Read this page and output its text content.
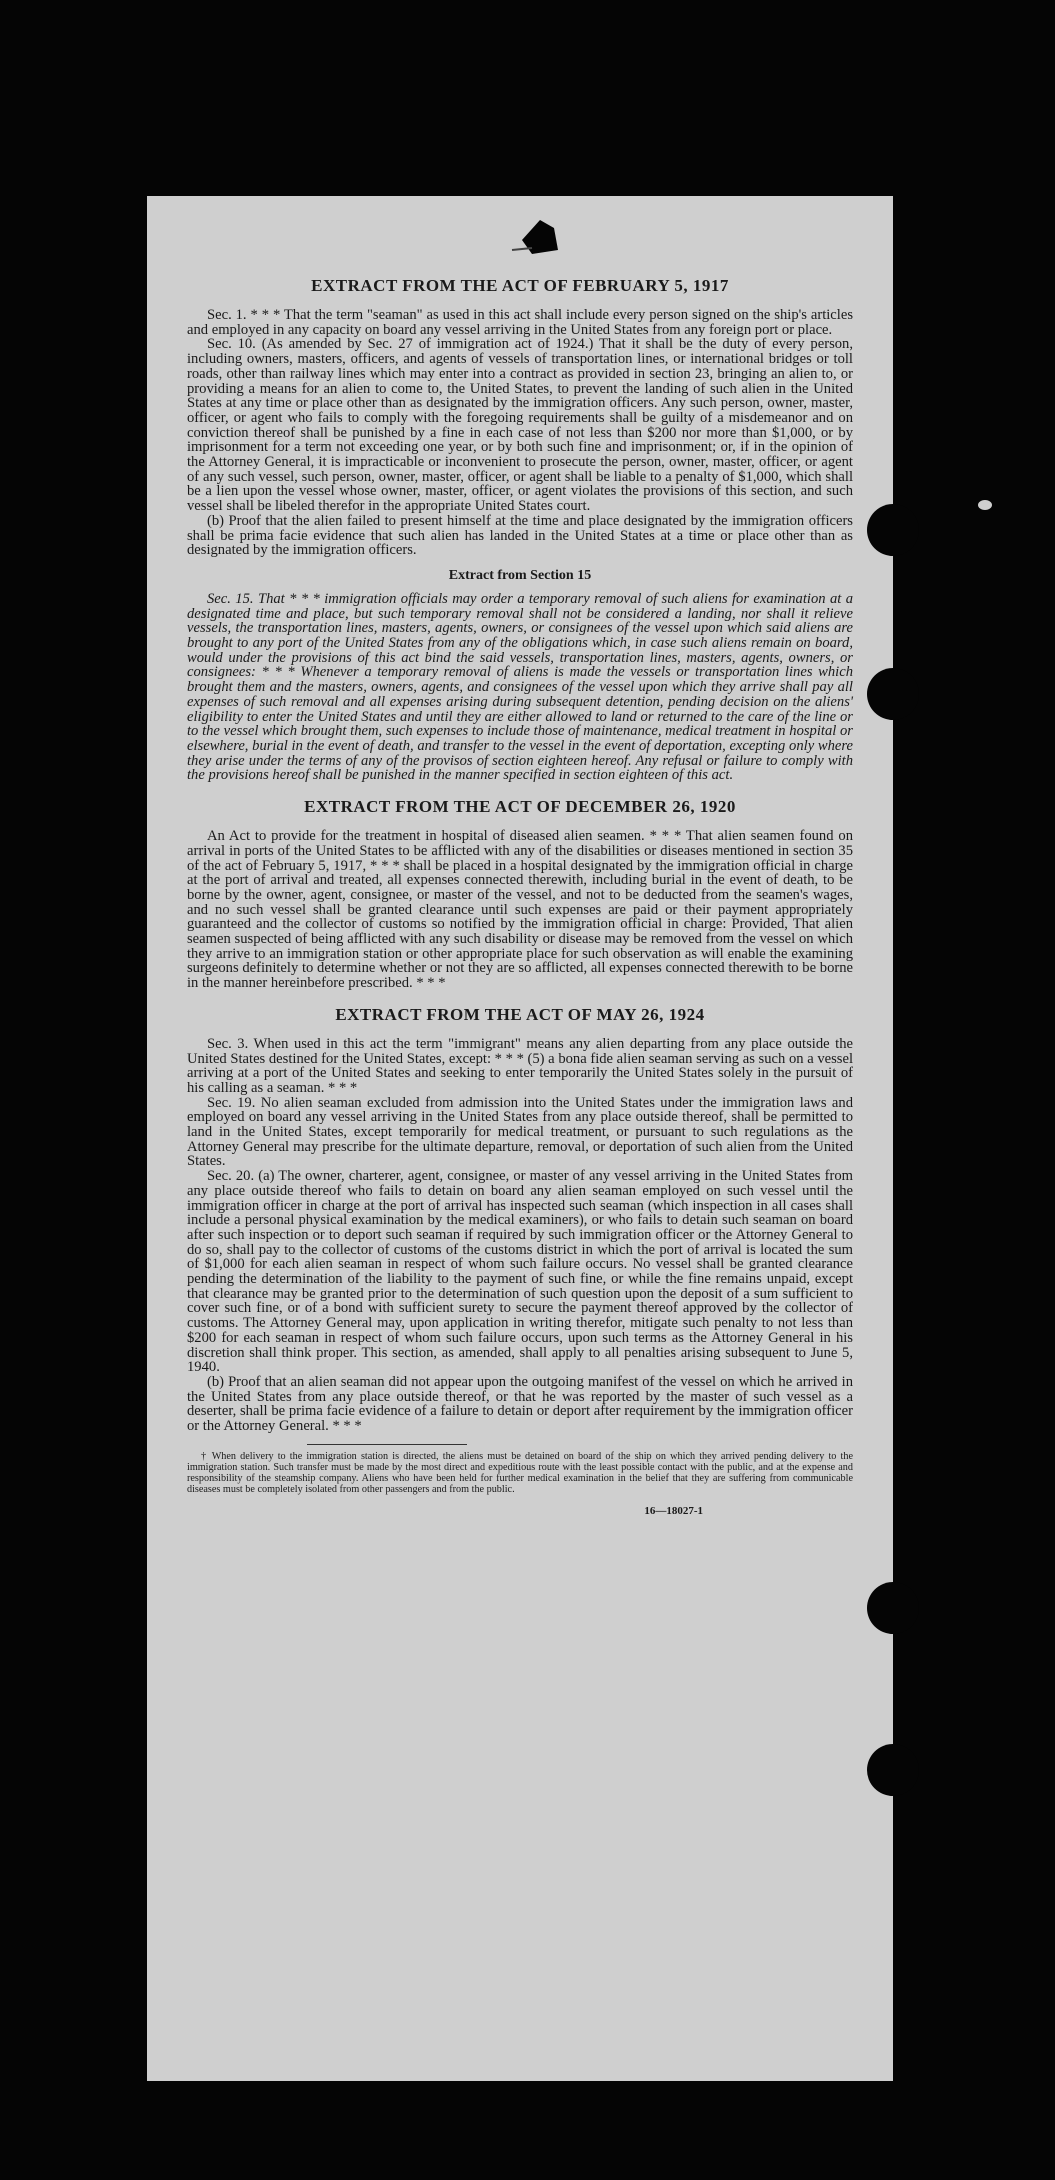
EXTRACT FROM THE ACT OF FEBRUARY 5, 1917

Sec. 1. * * * That the term "seaman" as used in this act shall include every person signed on the ship's articles and employed in any capacity on board any vessel arriving in the United States from any foreign port or place.

Sec. 10. (As amended by Sec. 27 of immigration act of 1924.) That it shall be the duty of every person, including owners, masters, officers, and agents of vessels of transportation lines, or international bridges or toll roads, other than railway lines which may enter into a contract as provided in section 23, bringing an alien to, or providing a means for an alien to come to, the United States, to prevent the landing of such alien in the United States at any time or place other than as designated by the immigration officers. Any such person, owner, master, officer, or agent who fails to comply with the foregoing requirements shall be guilty of a misdemeanor and on conviction thereof shall be punished by a fine in each case of not less than $200 nor more than $1,000, or by imprisonment for a term not exceeding one year, or by both such fine and imprisonment; or, if in the opinion of the Attorney General, it is impracticable or inconvenient to prosecute the person, owner, master, officer, or agent of any such vessel, such person, owner, master, officer, or agent shall be liable to a penalty of $1,000, which shall be a lien upon the vessel whose owner, master, officer, or agent violates the provisions of this section, and such vessel shall be libeled therefor in the appropriate United States court.

(b) Proof that the alien failed to present himself at the time and place designated by the immigration officers shall be prima facie evidence that such alien has landed in the United States at a time or place other than as designated by the immigration officers.

Extract from Section 15

Sec. 15. That * * * immigration officials may order a temporary removal of such aliens for examination at a designated time and place, but such temporary removal shall not be considered a landing, nor shall it relieve vessels, the transportation lines, masters, agents, owners, or consignees of the vessel upon which said aliens are brought to any port of the United States from any of the obligations which, in case such aliens remain on board, would under the provisions of this act bind the said vessels, transportation lines, masters, agents, owners, or consignees: * * * Whenever a temporary removal of aliens is made the vessels or transportation lines which brought them and the masters, owners, agents, and consignees of the vessel upon which they arrive shall pay all expenses of such removal and all expenses arising during subsequent detention, pending decision on the aliens' eligibility to enter the United States and until they are either allowed to land or returned to the care of the line or to the vessel which brought them, such expenses to include those of maintenance, medical treatment in hospital or elsewhere, burial in the event of death, and transfer to the vessel in the event of deportation, excepting only where they arise under the terms of any of the provisos of section eighteen hereof. Any refusal or failure to comply with the provisions hereof shall be punished in the manner specified in section eighteen of this act.

EXTRACT FROM THE ACT OF DECEMBER 26, 1920

An Act to provide for the treatment in hospital of diseased alien seamen. * * * That alien seamen found on arrival in ports of the United States to be afflicted with any of the disabilities or diseases mentioned in section 35 of the act of February 5, 1917, * * * shall be placed in a hospital designated by the immigration official in charge at the port of arrival and treated, all expenses connected therewith, including burial in the event of death, to be borne by the owner, agent, consignee, or master of the vessel, and not to be deducted from the seamen's wages, and no such vessel shall be granted clearance until such expenses are paid or their payment appropriately guaranteed and the collector of customs so notified by the immigration official in charge: Provided, That alien seamen suspected of being afflicted with any such disability or disease may be removed from the vessel on which they arrive to an immigration station or other appropriate place for such observation as will enable the examining surgeons definitely to determine whether or not they are so afflicted, all expenses connected therewith to be borne in the manner hereinbefore prescribed. * * *

EXTRACT FROM THE ACT OF MAY 26, 1924

Sec. 3. When used in this act the term "immigrant" means any alien departing from any place outside the United States destined for the United States, except: * * * (5) a bona fide alien seaman serving as such on a vessel arriving at a port of the United States and seeking to enter temporarily the United States solely in the pursuit of his calling as a seaman. * * *

Sec. 19. No alien seaman excluded from admission into the United States under the immigration laws and employed on board any vessel arriving in the United States from any place outside thereof, shall be permitted to land in the United States, except temporarily for medical treatment, or pursuant to such regulations as the Attorney General may prescribe for the ultimate departure, removal, or deportation of such alien from the United States.

Sec. 20. (a) The owner, charterer, agent, consignee, or master of any vessel arriving in the United States from any place outside thereof who fails to detain on board any alien seaman employed on such vessel until the immigration officer in charge at the port of arrival has inspected such seaman (which inspection in all cases shall include a personal physical examination by the medical examiners), or who fails to detain such seaman on board after such inspection or to deport such seaman if required by such immigration officer or the Attorney General to do so, shall pay to the collector of customs of the customs district in which the port of arrival is located the sum of $1,000 for each alien seaman in respect of whom such failure occurs. No vessel shall be granted clearance pending the determination of the liability to the payment of such fine, or while the fine remains unpaid, except that clearance may be granted prior to the determination of such question upon the deposit of a sum sufficient to cover such fine, or of a bond with sufficient surety to secure the payment thereof approved by the collector of customs. The Attorney General may, upon application in writing therefor, mitigate such penalty to not less than $200 for each seaman in respect of whom such failure occurs, upon such terms as the Attorney General in his discretion shall think proper. This section, as amended, shall apply to all penalties arising subsequent to June 5, 1940.

(b) Proof that an alien seaman did not appear upon the outgoing manifest of the vessel on which he arrived in the United States from any place outside thereof, or that he was reported by the master of such vessel as a deserter, shall be prima facie evidence of a failure to detain or deport after requirement by the immigration officer or the Attorney General. * * *

† When delivery to the immigration station is directed, the aliens must be detained on board of the ship on which they arrived pending delivery to the immigration station. Such transfer must be made by the most direct and expeditious route with the least possible contact with the public, and at the expense and responsibility of the steamship company. Aliens who have been held for further medical examination in the belief that they are suffering from communicable diseases must be completely isolated from other passengers and from the public.

16—18027-1
